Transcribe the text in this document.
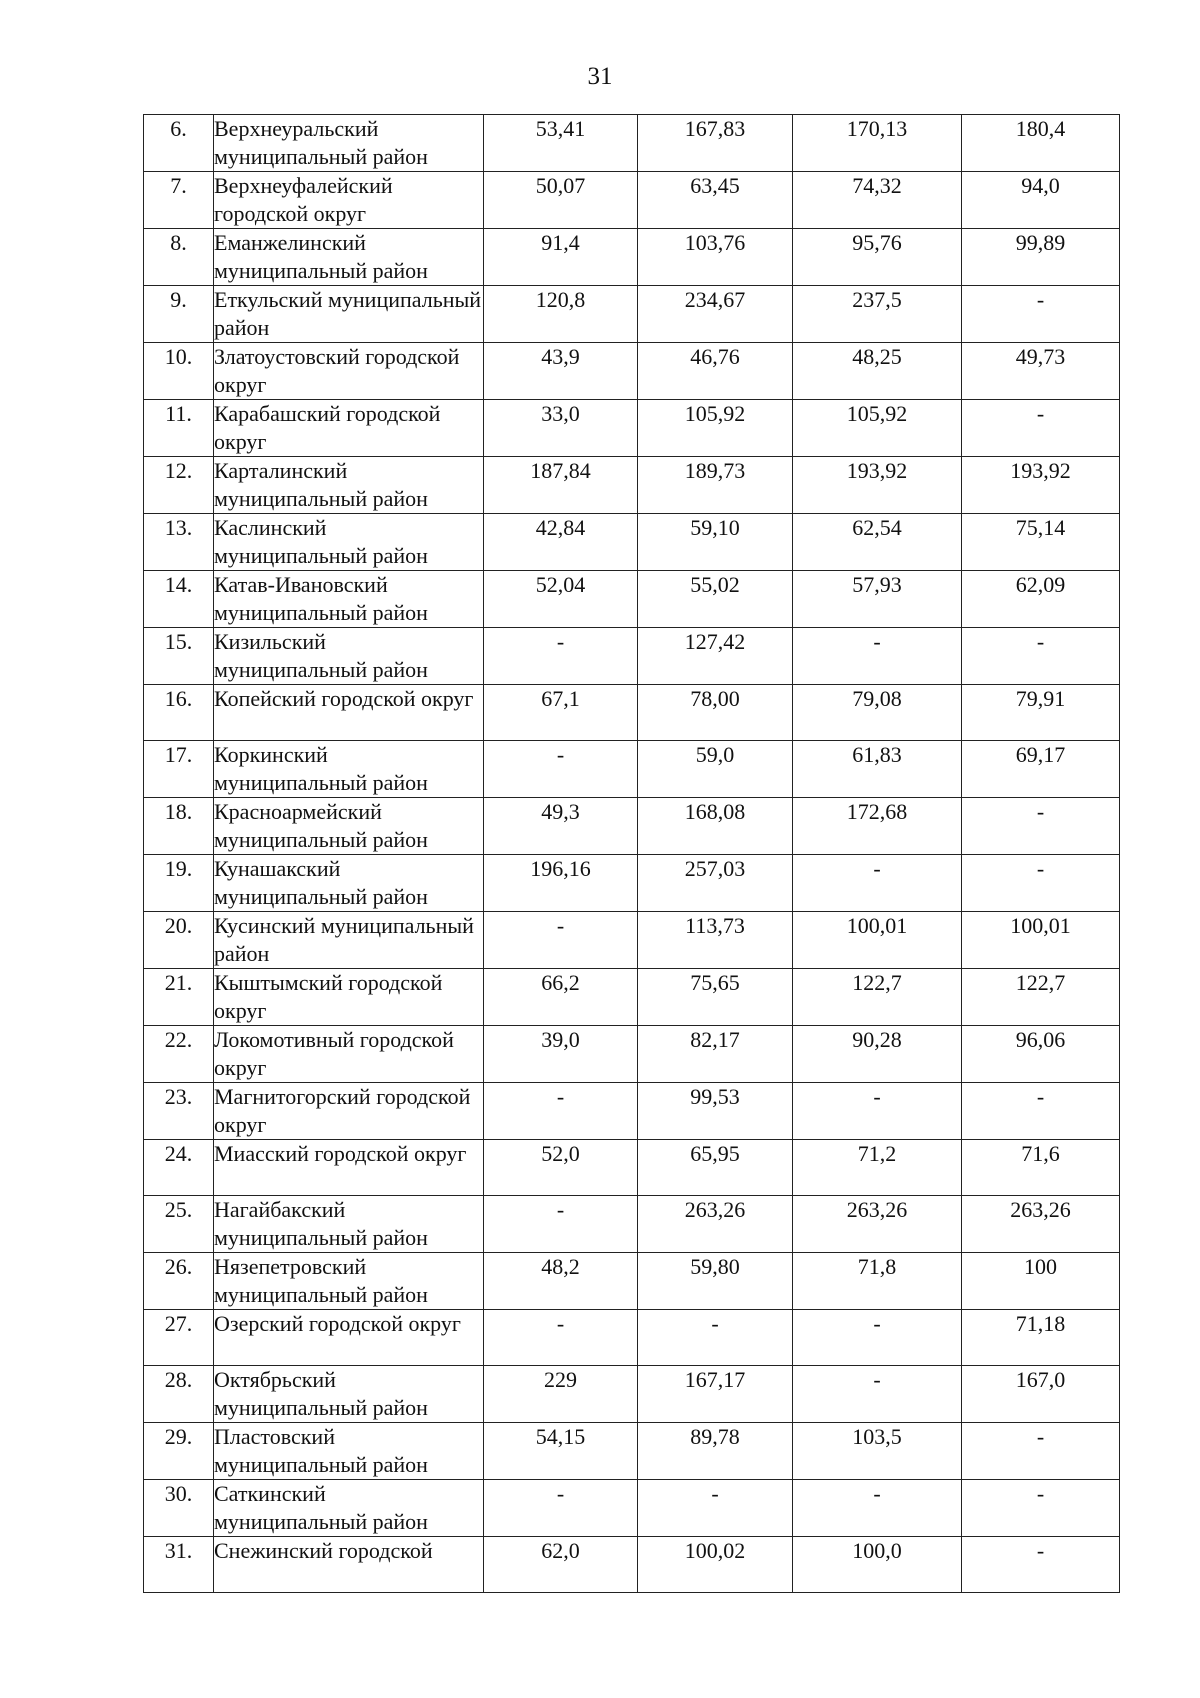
31
6.	Верхнеуральский муниципальный район	53,41	167,83	170,13	180,4

7.	Верхнеуфалейский городской округ	50,07	63,45	74,32	94,0

8.	Еманжелинский муниципальный район	91,4	103,76	95,76	99,89

9.	Еткульский муниципальный район	120,8	234,67	237,5	-

10.	Златоустовский городской округ	43,9	46,76	48,25	49,73

11.	Карабашский городской округ	33,0	105,92	105,92	-

12.	Карталинский муниципальный район	187,84	189,73	193,92	193,92

13.	Каслинский муниципальный район	42,84	59,10	62,54	75,14

14.	Катав-Ивановский муниципальный район	52,04	55,02	57,93	62,09

15.	Кизильский муниципальный район	-	127,42	-	-

16.	Копейский городской округ	67,1	78,00	79,08	79,91

17.	Коркинский муниципальный район	-	59,0	61,83	69,17

18.	Красноармейский муниципальный район	49,3	168,08	172,68	-

19.	Кунашакский муниципальный район	196,16	257,03	-	-

20.	Кусинский муниципальный район	-	113,73	100,01	100,01

21.	Кыштымский городской округ	66,2	75,65	122,7	122,7

22.	Локомотивный городской округ	39,0	82,17	90,28	96,06

23.	Магнитогорский городской округ	-	99,53	-	-

24.	Миасский городской округ	52,0	65,95	71,2	71,6

25.	Нагайбакский муниципальный район	-	263,26	263,26	263,26

26.	Нязепетровский муниципальный район	48,2	59,80	71,8	100

27.	Озерский городской округ	-	-	-	71,18

28.	Октябрьский муниципальный район	229	167,17	-	167,0

29.	Пластовский муниципальный район	54,15	89,78	103,5	-

30.	Саткинский муниципальный район	-	-	-	-

31.	Снежинский городской	62,0	100,02	100,0	-
